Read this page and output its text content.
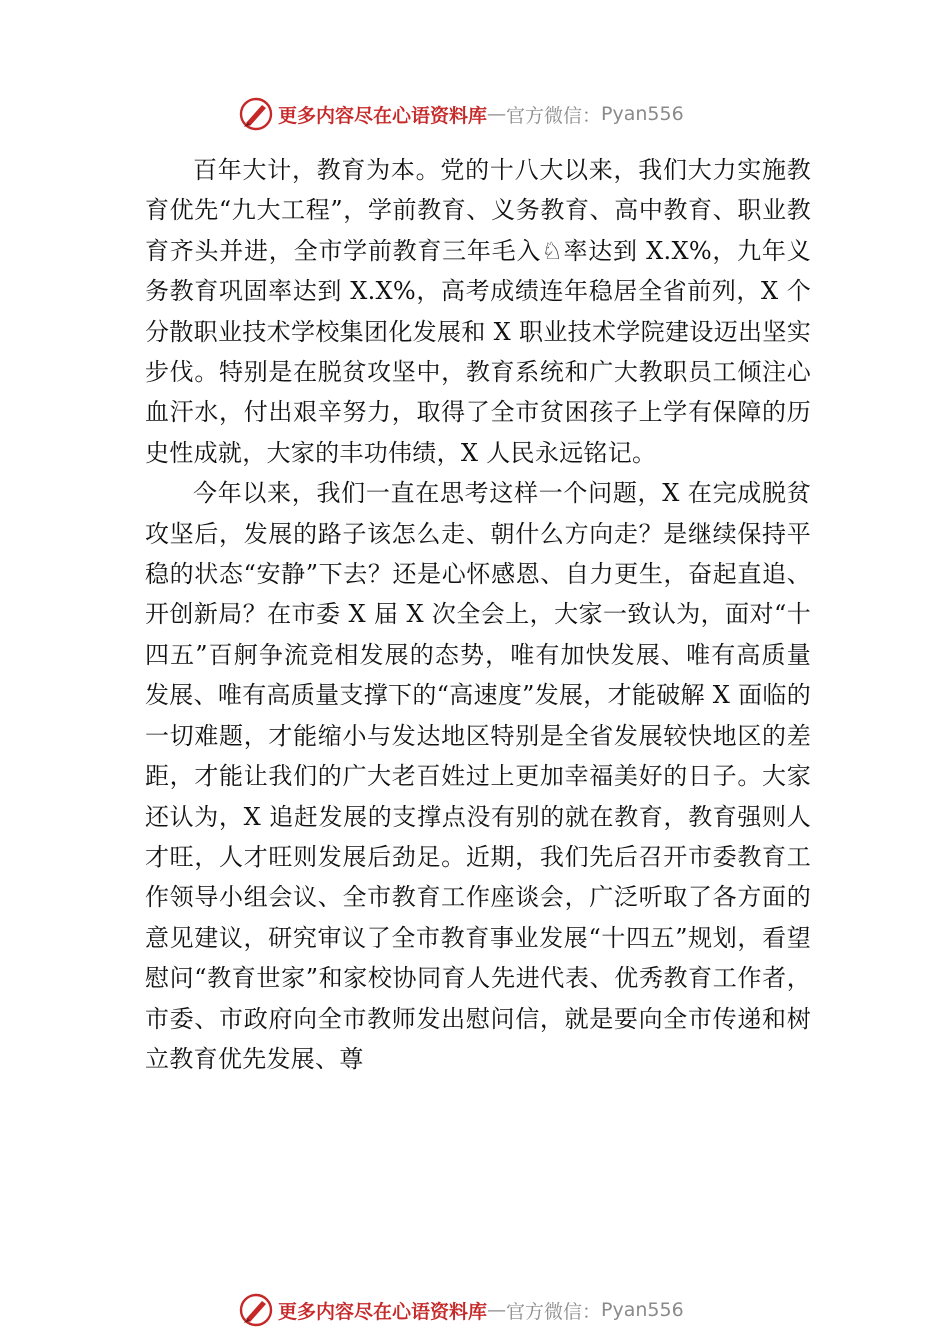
更多内容尽在心语资料库 — 官方微信： Pyan556

百年大计，教育为本。党的十八大以来，我们大力实施教育优先“九大工程”，学前教育、义务教育、高中教育、职业教育齐头并进，全市学前教育三年毛入♘率达到 X.X%，九年义务教育巩固率达到 X.X%，高考成绩连年稳居全省前列，X 个分散职业技术学校集团化发展和 X 职业技术学院建设迈出坚实步伐。特别是在脱贫攻坚中，教育系统和广大教职员工倾注心血汗水，付出艰辛努力，取得了全市贫困孩子上学有保障的历史性成就，大家的丰功伟绩，X 人民永远铭记。

今年以来，我们一直在思考这样一个问题，X 在完成脱贫攻坚后，发展的路子该怎么走、朝什么方向走？是继续保持平稳的状态“安静”下去？还是心怀感恩、自力更生，奋起直追、开创新局？在市委 X 届 X 次全会上，大家一致认为，面对“十四五”百舸争流竞相发展的态势，唯有加快发展、唯有高质量发展、唯有高质量支撑下的“高速度”发展，才能破解 X 面临的一切难题，才能缩小与发达地区特别是全省发展较快地区的差距，才能让我们的广大老百姓过上更加幸福美好的日子。大家还认为，X 追赶发展的支撑点没有别的就在教育，教育强则人才旺，人才旺则发展后劲足。近期，我们先后召开市委教育工作领导小组会议、全市教育工作座谈会，广泛听取了各方面的意见建议，研究审议了全市教育事业发展“十四五”规划，看望慰问“教育世家”和家校协同育人先进代表、优秀教育工作者，市委、市政府向全市教师发出慰问信，就是要向全市传递和树立教育优先发展、尊

更多内容尽在心语资料库 — 官方微信： Pyan556
